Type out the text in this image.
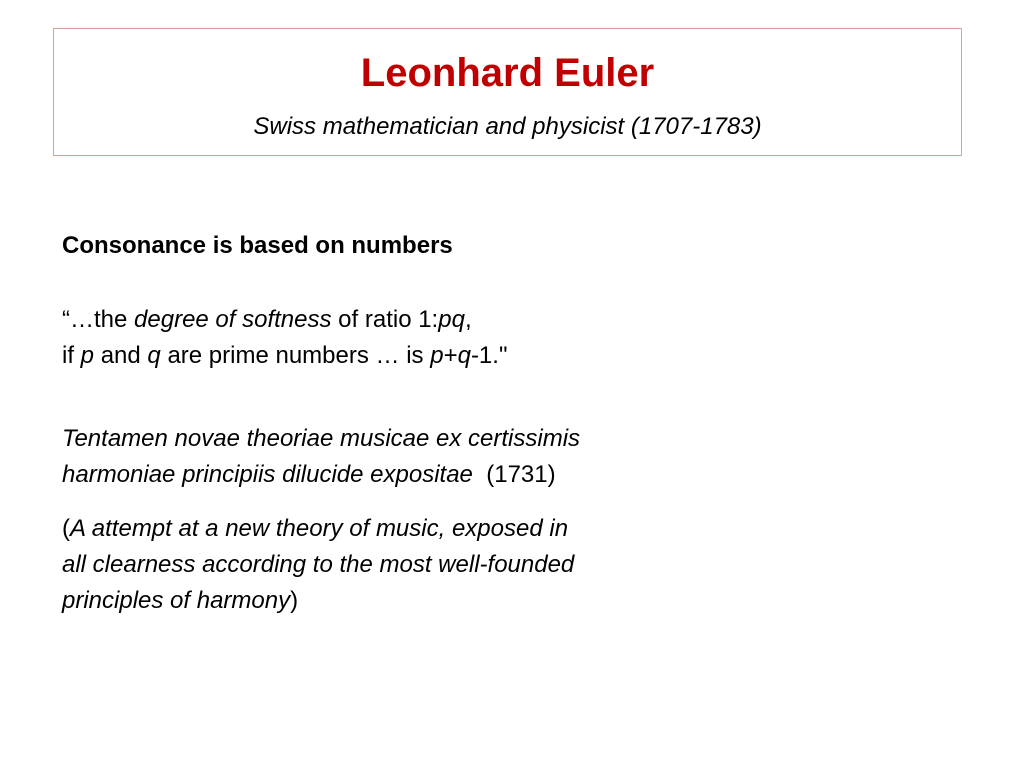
Leonhard Euler
Swiss mathematician and physicist (1707-1783)

Consonance is based on numbers

“…the degree of softness of ratio 1:pq,
if p and q are prime numbers … is p+q-1."

Tentamen novae theoriae musicae ex certissimis
harmoniae principiis dilucide expositae  (1731)

(A attempt at a new theory of music, exposed in
all clearness according to the most well-founded
principles of harmony)
